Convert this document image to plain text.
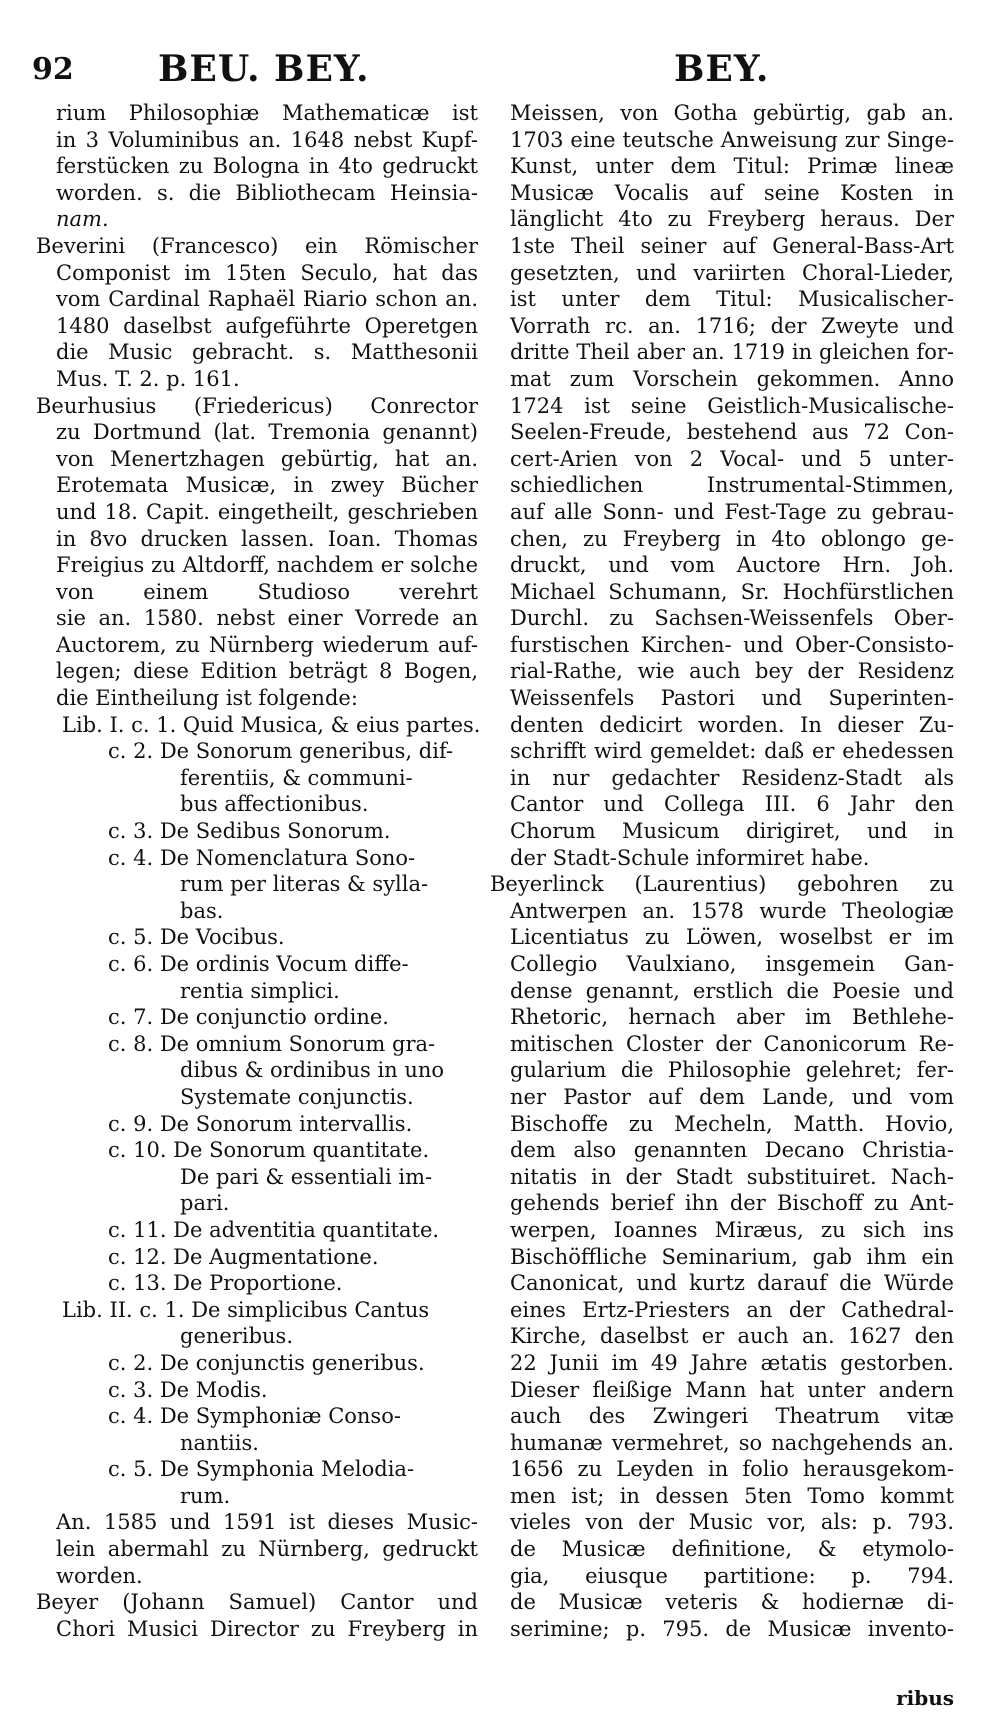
92 BEU. BEY.	BEY.
rium Philosophiæ Mathematicæ ist
in 3 Voluminibus an. 1648 nebst Kupf-
ferstücken zu Bologna in 4to gedruckt
worden. s. die Bibliothecam Heinsia-
nam.
Beverini (Francesco) ein Römischer
Componist im 15ten Seculo, hat das
vom Cardinal Raphaël Riario schon an.
1480 daselbst aufgeführte Operetgen
die Music gebracht. s. Matthesonii
Mus. T. 2. p. 161.
Beurhusius (Friedericus) Conrector
zu Dortmund (lat. Tremonia genannt)
von Menertzhagen gebürtig, hat an.
Erotemata Musicæ, in zwey Bücher
und 18. Capit. eingetheilt, geschrieben
in 8vo drucken lassen. Ioan. Thomas
Freigius zu Altdorff, nachdem er solche
von einem Studioso verehrt
sie an. 1580. nebst einer Vorrede an
Auctorem, zu Nürnberg wiederum auf-
legen; diese Edition beträgt 8 Bogen,
die Eintheilung ist folgende:
Lib. I. c. 1. Quid Musica, & eius partes.
c. 2. De Sonorum generibus, dif-
ferentiis, & communi-
bus affectionibus.
c. 3. De Sedibus Sonorum.
c. 4. De Nomenclatura Sono-
rum per literas & sylla-
bas.
c. 5. De Vocibus.
c. 6. De ordinis Vocum diffe-
rentia simplici.
c. 7. De conjunctio ordine.
c. 8. De omnium Sonorum gra-
dibus & ordinibus in uno
Systemate conjunctis.
c. 9. De Sonorum intervallis.
c. 10. De Sonorum quantitate.
De pari & essentiali im-
pari.
c. 11. De adventitia quantitate.
c. 12. De Augmentatione.
c. 13. De Proportione.
Lib. II. c. 1. De simplicibus Cantus
generibus.
c. 2. De conjunctis generibus.
c. 3. De Modis.
c. 4. De Symphoniæ Conso-
nantiis.
c. 5. De Symphonia Melodia-
rum.
An. 1585 und 1591 ist dieses Music-
lein abermahl zu Nürnberg, gedruckt
worden.
Beyer (Johann Samuel) Cantor und
Chori Musici Director zu Freyberg in
Meissen, von Gotha gebürtig, gab an.
1703 eine teutsche Anweisung zur Singe-
Kunst, unter dem Titul: Primæ lineæ
Musicæ Vocalis auf seine Kosten in
länglicht 4to zu Freyberg heraus. Der
1ste Theil seiner auf General-Bass-Art
gesetzten, und variirten Choral-Lieder,
ist unter dem Titul: Musicalischer-
Vorrath rc. an. 1716; der Zweyte und
dritte Theil aber an. 1719 in gleichen for-
mat zum Vorschein gekommen. Anno
1724 ist seine Geistlich-Musicalische-
Seelen-Freude, bestehend aus 72 Con-
cert-Arien von 2 Vocal- und 5 unter-
schiedlichen Instrumental-Stimmen,
auf alle Sonn- und Fest-Tage zu gebrau-
chen, zu Freyberg in 4to oblongo ge-
druckt, und vom Auctore Hrn. Joh.
Michael Schumann, Sr. Hochfürstlichen
Durchl. zu Sachsen-Weissenfels Ober-
furstischen Kirchen- und Ober-Consisto-
rial-Rathe, wie auch bey der Residenz
Weissenfels Pastori und Superinten-
denten dedicirt worden. In dieser Zu-
schrifft wird gemeldet: daß er ehedessen
in nur gedachter Residenz-Stadt als
Cantor und Collega III. 6 Jahr den
Chorum Musicum dirigiret, und in
der Stadt-Schule informiret habe.
Beyerlinck (Laurentius) gebohren zu
Antwerpen an. 1578 wurde Theologiæ
Licentiatus zu Löwen, woselbst er im
Collegio Vaulxiano, insgemein Gan-
dense genannt, erstlich die Poesie und
Rhetoric, hernach aber im Bethlehe-
mitischen Closter der Canonicorum Re-
gularium die Philosophie gelehret; fer-
ner Pastor auf dem Lande, und vom
Bischoffe zu Mecheln, Matth. Hovio,
dem also genannten Decano Christia-
nitatis in der Stadt substituiret. Nach-
gehends berief ihn der Bischoff zu Ant-
werpen, Ioannes Miræus, zu sich ins
Bischöffliche Seminarium, gab ihm ein
Canonicat, und kurtz darauf die Würde
eines Ertz-Priesters an der Cathedral-
Kirche, daselbst er auch an. 1627 den
22 Junii im 49 Jahre ætatis gestorben.
Dieser fleißige Mann hat unter andern
auch des Zwingeri Theatrum vitæ
humanæ vermehret, so nachgehends an.
1656 zu Leyden in folio herausgekom-
men ist; in dessen 5ten Tomo kommt
vieles von der Music vor, als: p. 793.
de Musicæ definitione, & etymolo-
gia, eiusque partitione: p. 794.
de Musicæ veteris & hodiernæ di-
serimine; p. 795. de Musicæ invento-
ribus
